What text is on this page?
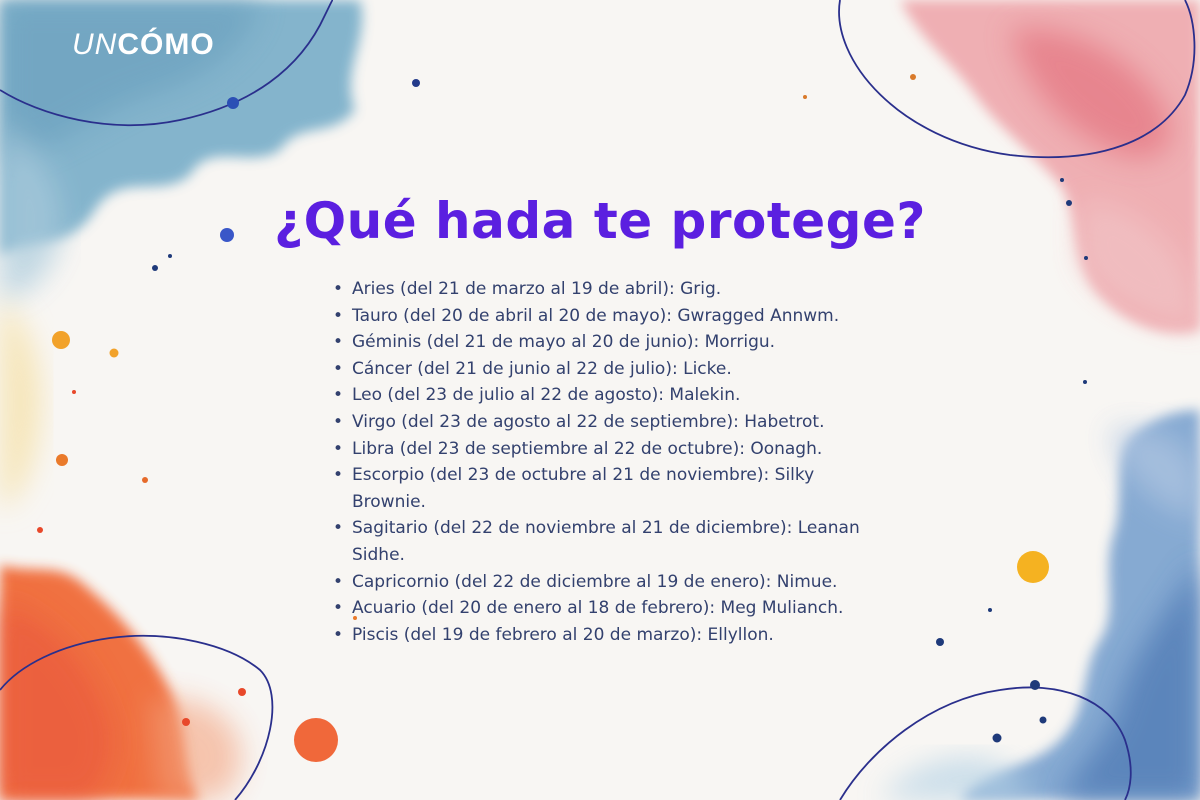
UNCÓMO
¿Qué hada te protege?
• Aries (del 21 de marzo al 19 de abril): Grig.
• Tauro (del 20 de abril al 20 de mayo): Gwragged Annwm.
• Géminis (del 21 de mayo al 20 de junio): Morrigu.
• Cáncer (del 21 de junio al 22 de julio): Licke.
• Leo (del 23 de julio al 22 de agosto): Malekin.
• Virgo (del 23 de agosto al 22 de septiembre): Habetrot.
• Libra (del 23 de septiembre al 22 de octubre): Oonagh.
• Escorpio (del 23 de octubre al 21 de noviembre): Silky Brownie.
• Sagitario (del 22 de noviembre al 21 de diciembre): Leanan Sidhe.
• Capricornio (del 22 de diciembre al 19 de enero): Nimue.
• Acuario (del 20 de enero al 18 de febrero): Meg Mulianch.
• Piscis (del 19 de febrero al 20 de marzo): Ellyllon.
